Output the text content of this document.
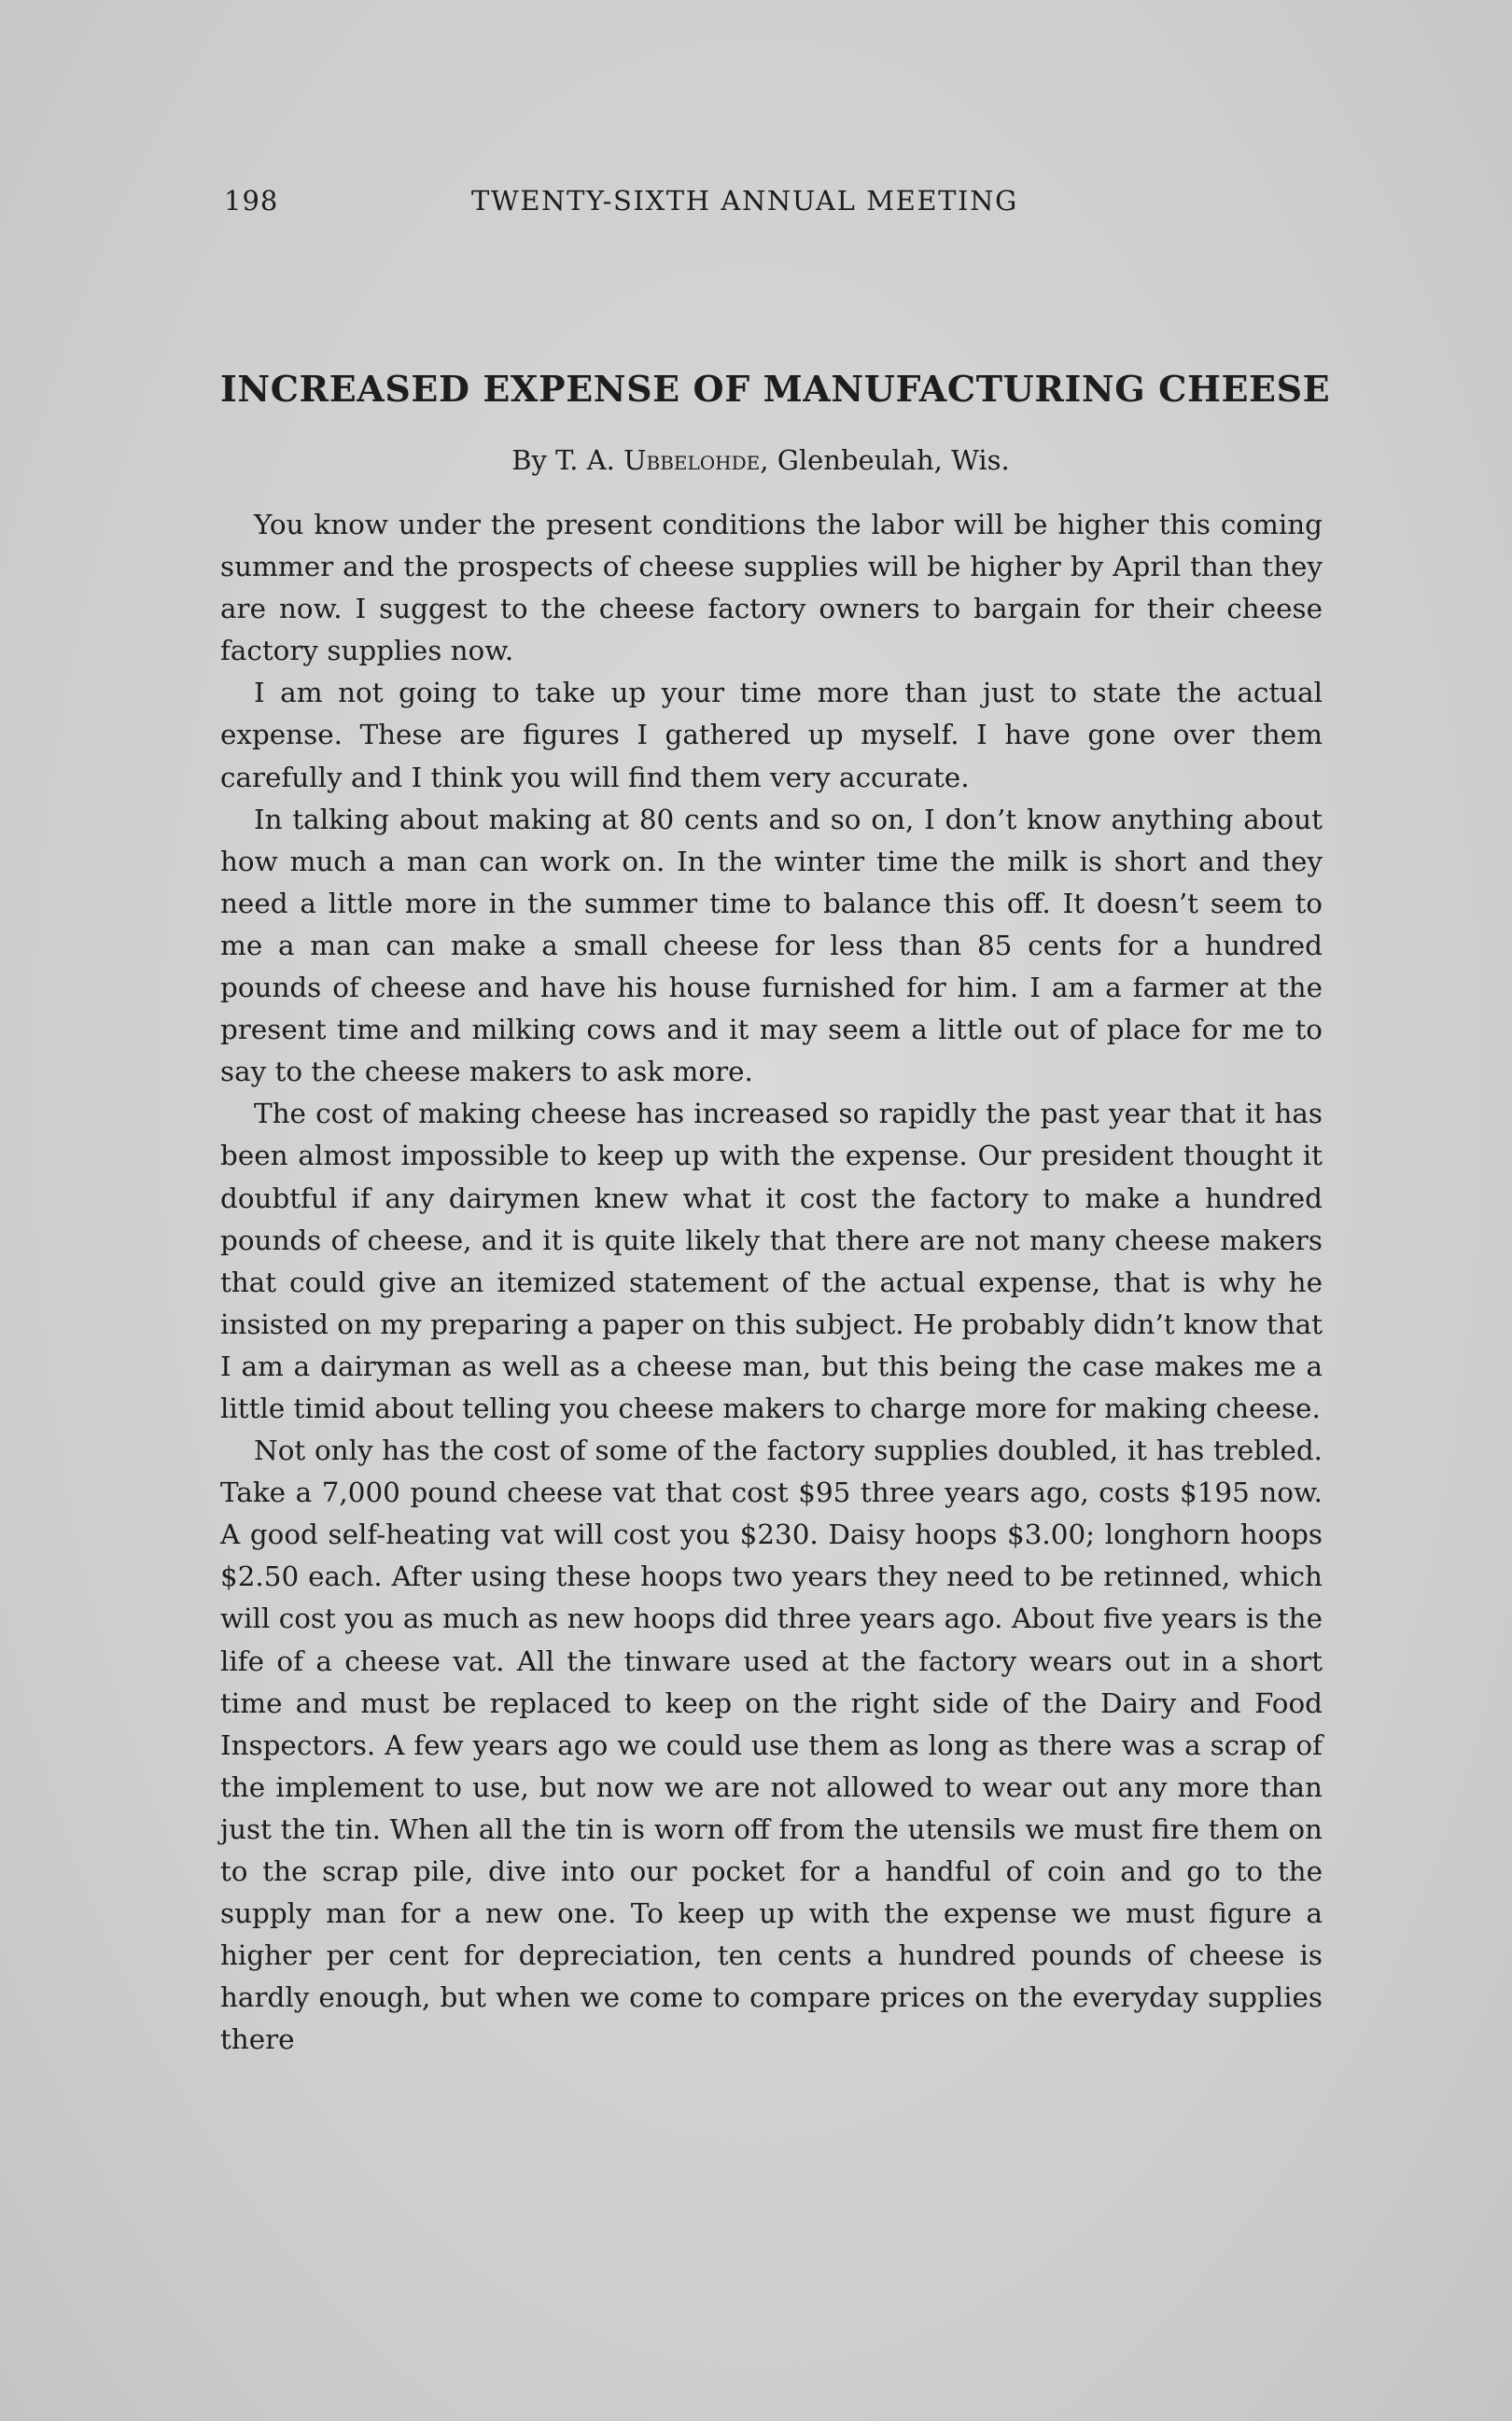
198	TWENTY-SIXTH ANNUAL MEETING
INCREASED EXPENSE OF MANUFACTURING CHEESE
By T. A. Ubbelohde, Glenbeulah, Wis.

You know under the present conditions the labor will be higher this coming summer and the prospects of cheese supplies will be higher by April than they are now. I suggest to the cheese factory owners to bargain for their cheese factory supplies now.

I am not going to take up your time more than just to state the actual expense. These are figures I gathered up myself. I have gone over them carefully and I think you will find them very accurate.

In talking about making at 80 cents and so on, I don’t know anything about how much a man can work on. In the winter time the milk is short and they need a little more in the summer time to balance this off. It doesn’t seem to me a man can make a small cheese for less than 85 cents for a hundred pounds of cheese and have his house furnished for him. I am a farmer at the present time and milking cows and it may seem a little out of place for me to say to the cheese makers to ask more.

The cost of making cheese has increased so rapidly the past year that it has been almost impossible to keep up with the expense. Our president thought it doubtful if any dairymen knew what it cost the factory to make a hundred pounds of cheese, and it is quite likely that there are not many cheese makers that could give an itemized statement of the actual expense, that is why he insisted on my preparing a paper on this subject. He probably didn’t know that I am a dairyman as well as a cheese man, but this being the case makes me a little timid about telling you cheese makers to charge more for making cheese.

Not only has the cost of some of the factory supplies doubled, it has trebled. Take a 7,000 pound cheese vat that cost $95 three years ago, costs $195 now. A good self-heating vat will cost you $230. Daisy hoops $3.00; longhorn hoops $2.50 each. After using these hoops two years they need to be retinned, which will cost you as much as new hoops did three years ago. About five years is the life of a cheese vat. All the tinware used at the factory wears out in a short time and must be replaced to keep on the right side of the Dairy and Food Inspectors. A few years ago we could use them as long as there was a scrap of the implement to use, but now we are not allowed to wear out any more than just the tin. When all the tin is worn off from the utensils we must fire them on to the scrap pile, dive into our pocket for a handful of coin and go to the supply man for a new one. To keep up with the expense we must figure a higher per cent for depreciation, ten cents a hundred pounds of cheese is hardly enough, but when we come to compare prices on the everyday supplies there
